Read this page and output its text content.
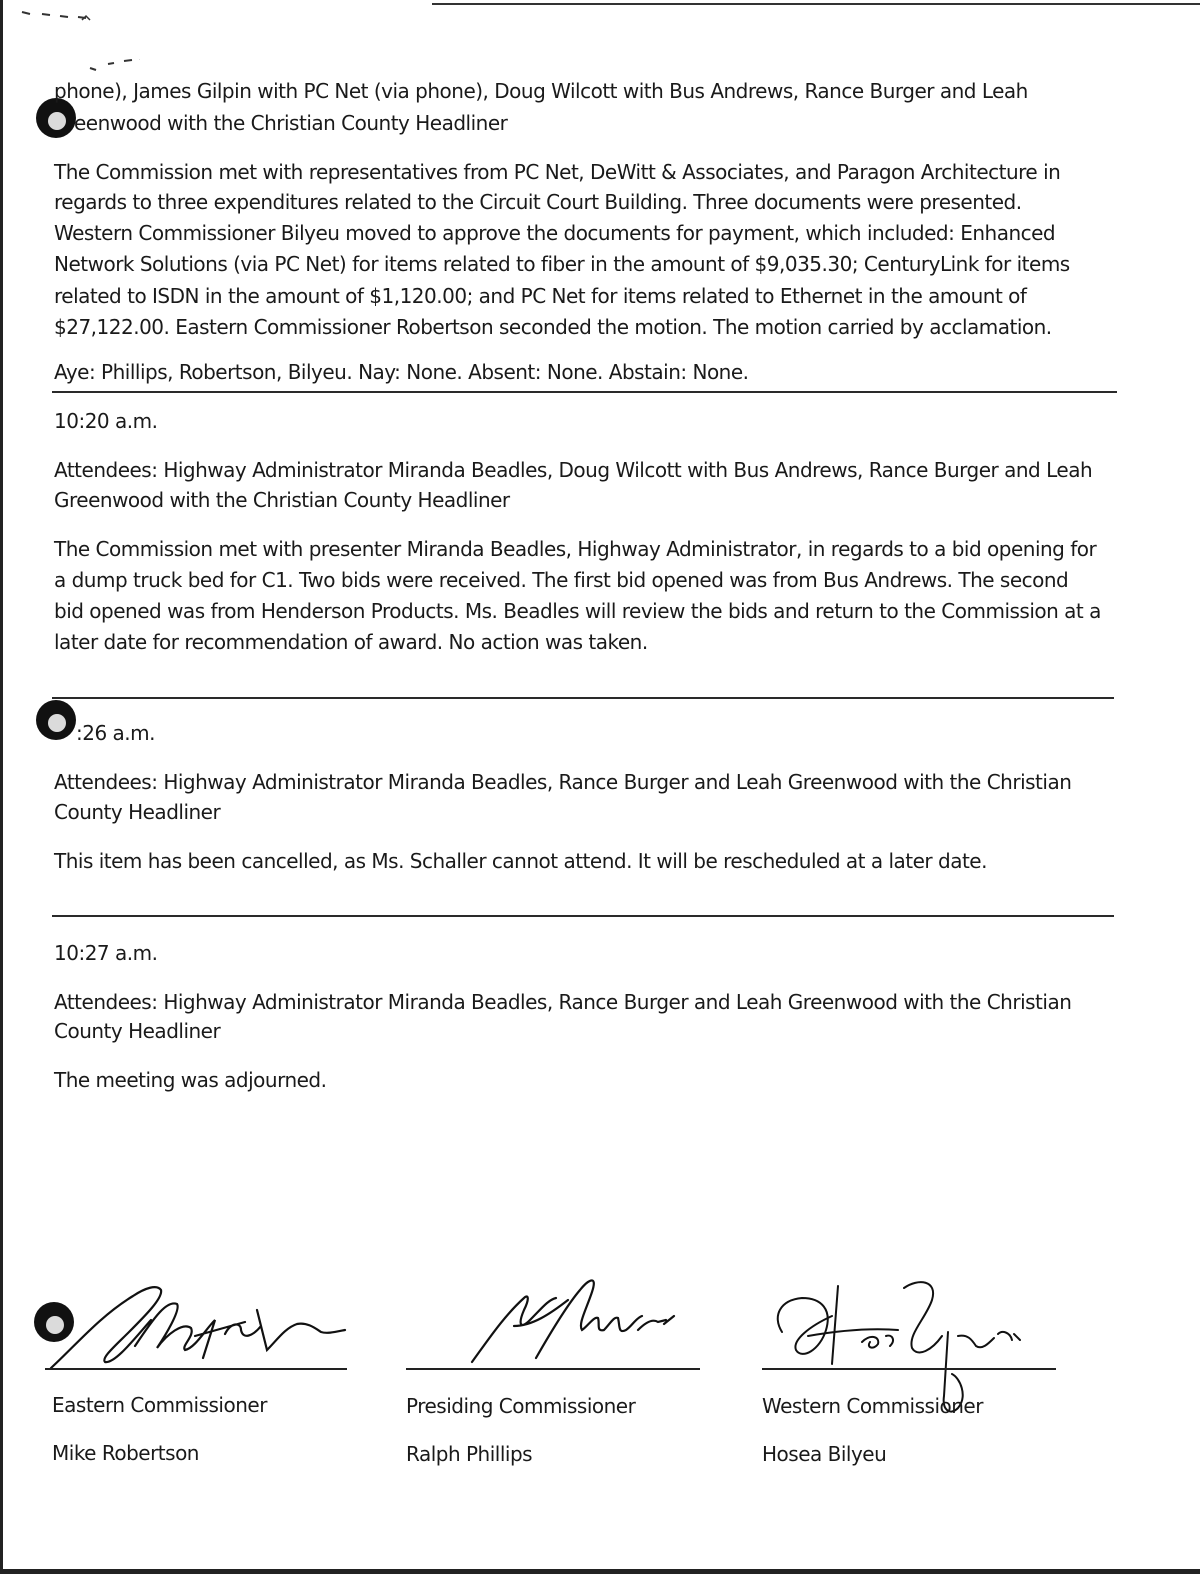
phone), James Gilpin with PC Net (via phone), Doug Wilcott with Bus Andrews, Rance Burger and Leah
eenwood with the Christian County Headliner
The Commission met with representatives from PC Net, DeWitt & Associates, and Paragon Architecture in
regards to three expenditures related to the Circuit Court Building. Three documents were presented.
Western Commissioner Bilyeu moved to approve the documents for payment, which included: Enhanced
Network Solutions (via PC Net) for items related to fiber in the amount of $9,035.30; CenturyLink for items
related to ISDN in the amount of $1,120.00; and PC Net for items related to Ethernet in the amount of
$27,122.00. Eastern Commissioner Robertson seconded the motion. The motion carried by acclamation.
Aye: Phillips, Robertson, Bilyeu. Nay: None. Absent: None. Abstain: None.
10:20 a.m.
Attendees: Highway Administrator Miranda Beadles, Doug Wilcott with Bus Andrews, Rance Burger and Leah
Greenwood with the Christian County Headliner
The Commission met with presenter Miranda Beadles, Highway Administrator, in regards to a bid opening for
a dump truck bed for C1. Two bids were received. The first bid opened was from Bus Andrews. The second
bid opened was from Henderson Products. Ms. Beadles will review the bids and return to the Commission at a
later date for recommendation of award. No action was taken.
:26 a.m.
Attendees: Highway Administrator Miranda Beadles, Rance Burger and Leah Greenwood with the Christian
County Headliner
This item has been cancelled, as Ms. Schaller cannot attend. It will be rescheduled at a later date.
10:27 a.m.
Attendees: Highway Administrator Miranda Beadles, Rance Burger and Leah Greenwood with the Christian
County Headliner
The meeting was adjourned.
Eastern Commissioner
Mike Robertson
Presiding Commissioner
Ralph Phillips
Western Commissioner
Hosea Bilyeu
